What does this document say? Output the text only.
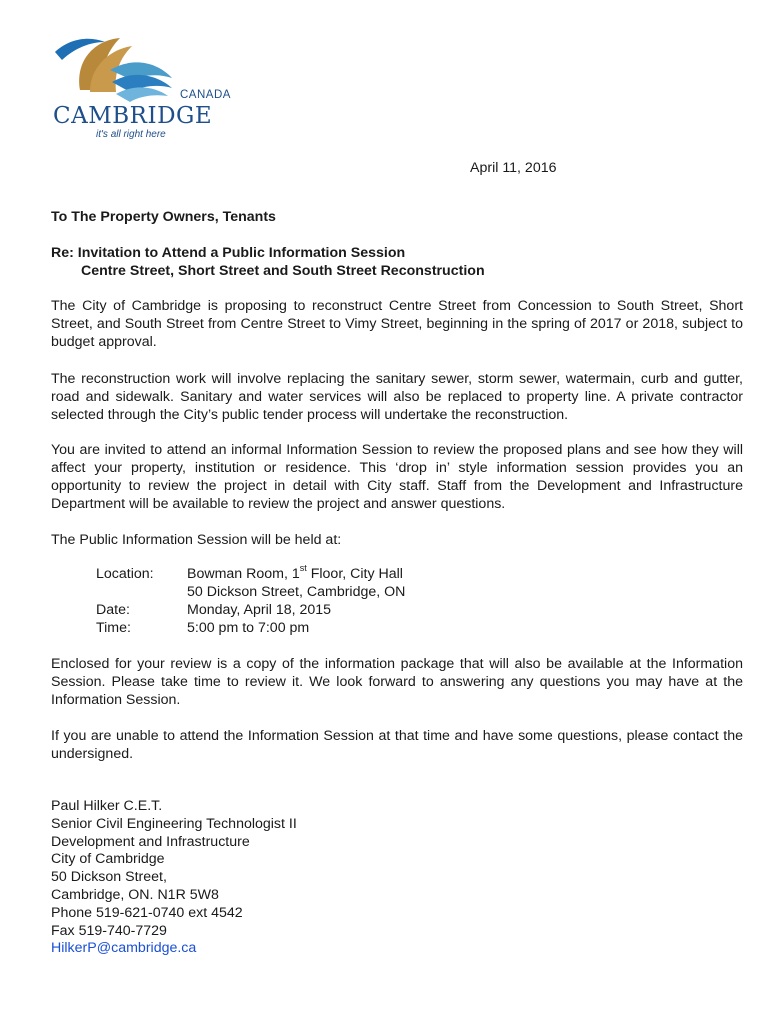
CANADA
CAMBRIDGE
it's all right here
April 11, 2016
To The Property Owners, Tenants
Re: Invitation to Attend a Public Information Session
Centre Street, Short Street and South Street Reconstruction
The City of Cambridge is proposing to reconstruct Centre Street from Concession to South Street, Short Street, and South Street from Centre Street to Vimy Street, beginning in the spring of 2017 or 2018, subject to budget approval.
The reconstruction work will involve replacing the sanitary sewer, storm sewer, watermain, curb and gutter, road and sidewalk. Sanitary and water services will also be replaced to property line. A private contractor selected through the City’s public tender process will undertake the reconstruction.
You are invited to attend an informal Information Session to review the proposed plans and see how they will affect your property, institution or residence. This ‘drop in’ style information session provides you an opportunity to review the project in detail with City staff. Staff from the Development and Infrastructure Department will be available to review the project and answer questions.
The Public Information Session will be held at:
Location: Bowman Room, 1st Floor, City Hall
50 Dickson Street, Cambridge, ON
Date:	Monday, April 18, 2015
Time:	5:00 pm to 7:00 pm
Enclosed for your review is a copy of the information package that will also be available at the Information Session. Please take time to review it. We look forward to answering any questions you may have at the Information Session.
If you are unable to attend the Information Session at that time and have some questions, please contact the undersigned.
Paul Hilker C.E.T.
Senior Civil Engineering Technologist II
Development and Infrastructure
City of Cambridge
50 Dickson Street,
Cambridge, ON. N1R 5W8
Phone 519-621-0740 ext 4542
Fax 519-740-7729
HilkerP@cambridge.ca
